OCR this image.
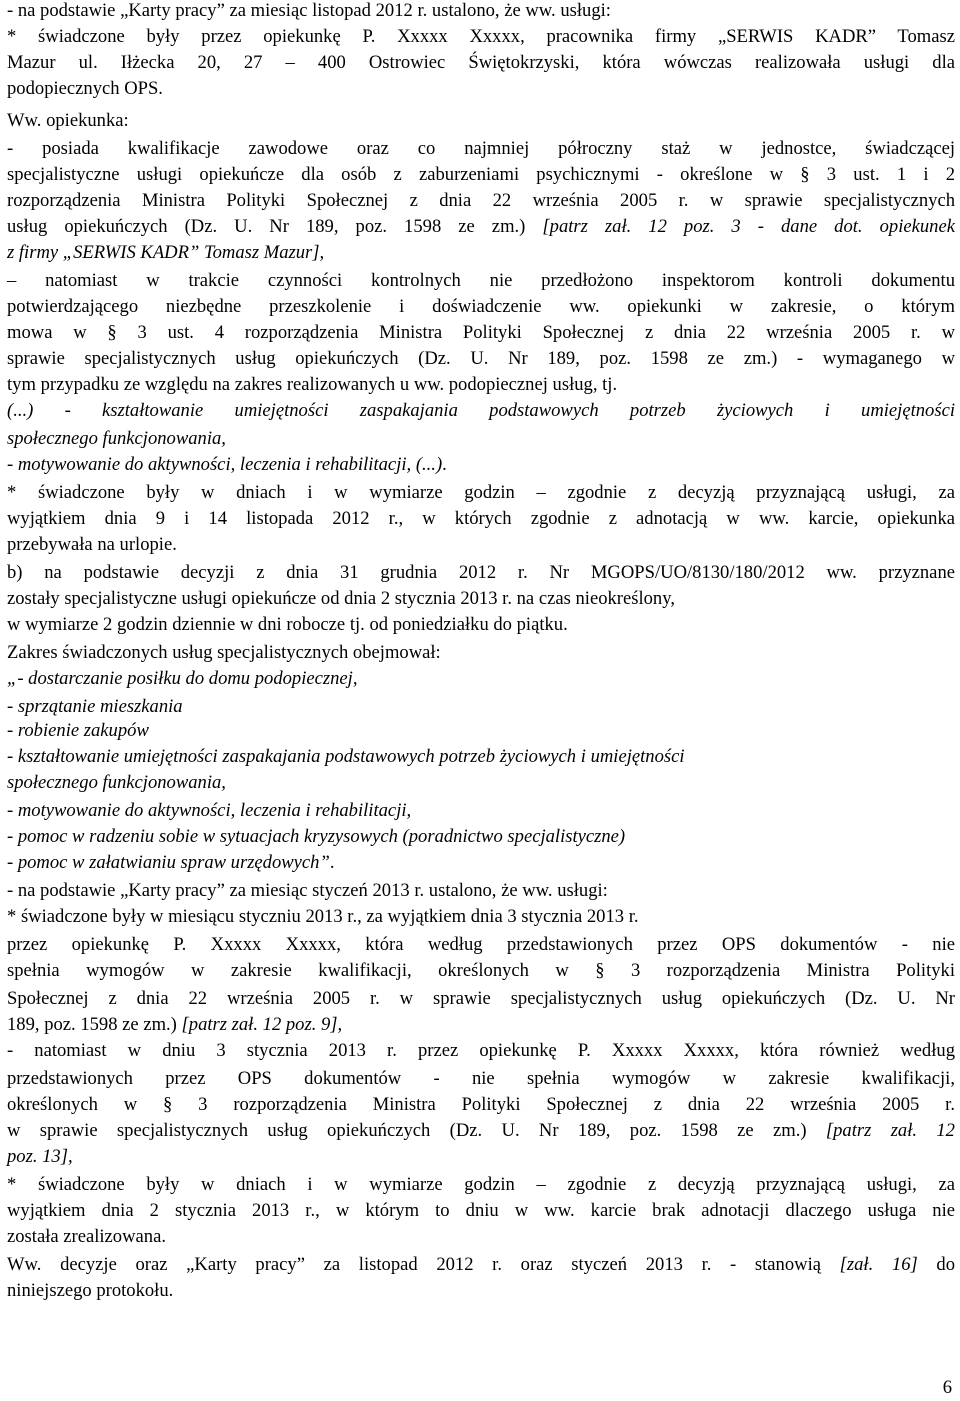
- na podstawie „Karty pracy” za miesiąc listopad 2012 r. ustalono, że ww. usługi:
* świadczone były przez opiekunkę P. Xxxxx Xxxxx, pracownika firmy „SERWIS KADR” Tomasz
Mazur ul. Iłżecka 20, 27 – 400 Ostrowiec Świętokrzyski, która wówczas realizowała usługi dla
podopiecznych OPS.
Ww. opiekunka:
- posiada kwalifikacje zawodowe oraz co najmniej półroczny staż w jednostce, świadczącej
specjalistyczne usługi opiekuńcze dla osób z zaburzeniami psychicznymi - określone w § 3 ust. 1 i 2
rozporządzenia Ministra Polityki Społecznej z dnia 22 września 2005 r. w sprawie specjalistycznych
usług opiekuńczych (Dz. U. Nr 189, poz. 1598 ze zm.) [patrz zał. 12 poz. 3 - dane dot. opiekunek
z firmy „SERWIS KADR” Tomasz Mazur],
– natomiast w trakcie czynności kontrolnych nie przedłożono inspektorom kontroli dokumentu
potwierdzającego niezbędne przeszkolenie i doświadczenie ww. opiekunki w zakresie, o którym
mowa w § 3 ust. 4 rozporządzenia Ministra Polityki Społecznej z dnia 22 września 2005 r. w
sprawie specjalistycznych usług opiekuńczych (Dz. U. Nr 189, poz. 1598 ze zm.) - wymaganego w
tym przypadku ze względu na zakres realizowanych u ww. podopiecznej usług, tj.
(...) - kształtowanie umiejętności zaspakajania podstawowych potrzeb życiowych i umiejętności
społecznego funkcjonowania,
- motywowanie do aktywności, leczenia i rehabilitacji, (...).
* świadczone były w dniach i w wymiarze godzin – zgodnie z decyzją przyznającą usługi, za
wyjątkiem dnia 9 i 14 listopada 2012 r., w których zgodnie z adnotacją w ww. karcie, opiekunka
przebywała na urlopie.
b) na podstawie decyzji z dnia 31 grudnia 2012 r. Nr MGOPS/UO/8130/180/2012 ww. przyznane
zostały specjalistyczne usługi opiekuńcze od dnia 2 stycznia 2013 r. na czas nieokreślony,
w wymiarze 2 godzin dziennie w dni robocze tj. od poniedziałku do piątku.
Zakres świadczonych usług specjalistycznych obejmował:
„- dostarczanie posiłku do domu podopiecznej,
- sprzątanie mieszkania
- robienie zakupów
- kształtowanie umiejętności zaspakajania podstawowych potrzeb życiowych i umiejętności
społecznego funkcjonowania,
- motywowanie do aktywności, leczenia i rehabilitacji,
- pomoc w radzeniu sobie w sytuacjach kryzysowych (poradnictwo specjalistyczne)
- pomoc w załatwianiu spraw urzędowych”.
- na podstawie „Karty pracy” za miesiąc styczeń 2013 r. ustalono, że ww. usługi:
* świadczone były w miesiącu styczniu 2013 r., za wyjątkiem dnia 3 stycznia 2013 r.
przez opiekunkę P. Xxxxx Xxxxx, która według przedstawionych przez OPS dokumentów - nie
spełnia wymogów w zakresie kwalifikacji, określonych w § 3 rozporządzenia Ministra Polityki
Społecznej z dnia 22 września 2005 r. w sprawie specjalistycznych usług opiekuńczych (Dz. U. Nr
189, poz. 1598 ze zm.) [patrz zał. 12 poz. 9],
- natomiast w dniu 3 stycznia 2013 r. przez opiekunkę P. Xxxxx Xxxxx, która również według
przedstawionych przez OPS dokumentów - nie spełnia wymogów w zakresie kwalifikacji,
określonych w § 3 rozporządzenia Ministra Polityki Społecznej z dnia 22 września 2005 r.
w sprawie specjalistycznych usług opiekuńczych (Dz. U. Nr 189, poz. 1598 ze zm.) [patrz zał. 12
poz. 13],
* świadczone były w dniach i w wymiarze godzin – zgodnie z decyzją przyznającą usługi, za
wyjątkiem dnia 2 stycznia 2013 r., w którym to dniu w ww. karcie brak adnotacji dlaczego usługa nie
została zrealizowana.
Ww. decyzje oraz „Karty pracy” za listopad 2012 r. oraz styczeń 2013 r. - stanowią [zał. 16] do
niniejszego protokołu.
6
